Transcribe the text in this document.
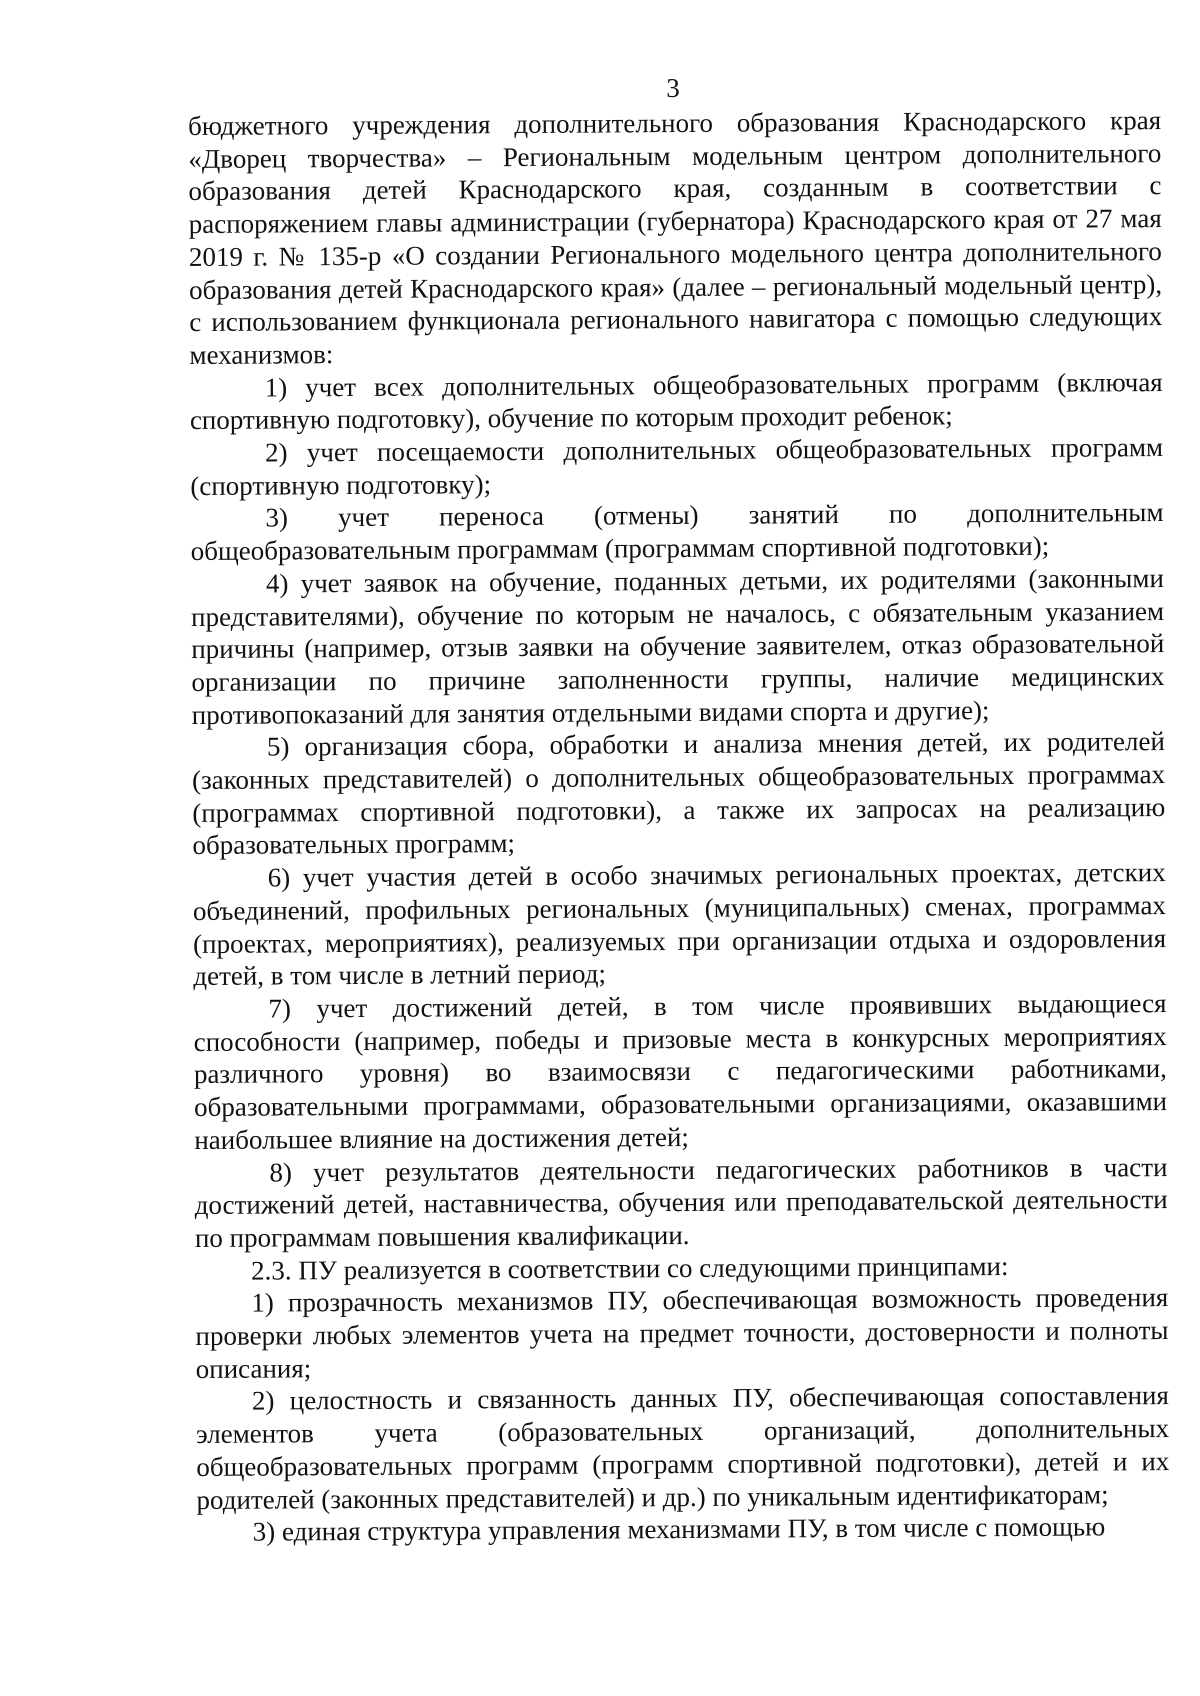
3

бюджетного учреждения дополнительного образования Краснодарского края «Дворец творчества» – Региональным модельным центром дополнительного образования детей Краснодарского края, созданным в соответствии с распоряжением главы администрации (губернатора) Краснодарского края от 27 мая 2019 г. № 135-р «О создании Регионального модельного центра дополнительного образования детей Краснодарского края» (далее – региональный модельный центр), с использованием функционала регионального навигатора с помощью следующих механизмов:

1) учет всех дополнительных общеобразовательных программ (включая спортивную подготовку), обучение по которым проходит ребенок;

2) учет посещаемости дополнительных общеобразовательных программ (спортивную подготовку);

3) учет переноса (отмены) занятий по дополнительным общеобразовательным программам (программам спортивной подготовки);

4) учет заявок на обучение, поданных детьми, их родителями (законными представителями), обучение по которым не началось, с обязательным указанием причины (например, отзыв заявки на обучение заявителем, отказ образовательной организации по причине заполненности группы, наличие медицинских противопоказаний для занятия отдельными видами спорта и другие);

5) организация сбора, обработки и анализа мнения детей, их родителей (законных представителей) о дополнительных общеобразовательных программах (программах спортивной подготовки), а также их запросах на реализацию образовательных программ;

6) учет участия детей в особо значимых региональных проектах, детских объединений, профильных региональных (муниципальных) сменах, программах (проектах, мероприятиях), реализуемых при организации отдыха и оздоровления детей, в том числе в летний период;

7) учет достижений детей, в том числе проявивших выдающиеся способности (например, победы и призовые места в конкурсных мероприятиях различного уровня) во взаимосвязи с педагогическими работниками, образовательными программами, образовательными организациями, оказавшими наибольшее влияние на достижения детей;

8) учет результатов деятельности педагогических работников в части достижений детей, наставничества, обучения или преподавательской деятельности по программам повышения квалификации.

2.3. ПУ реализуется в соответствии со следующими принципами:

1) прозрачность механизмов ПУ, обеспечивающая возможность проведения проверки любых элементов учета на предмет точности, достоверности и полноты описания;

2) целостность и связанность данных ПУ, обеспечивающая сопоставления элементов учета (образовательных организаций, дополнительных общеобразовательных программ (программ спортивной подготовки), детей и их родителей (законных представителей) и др.) по уникальным идентификаторам;

3) единая структура управления механизмами ПУ, в том числе с помощью
